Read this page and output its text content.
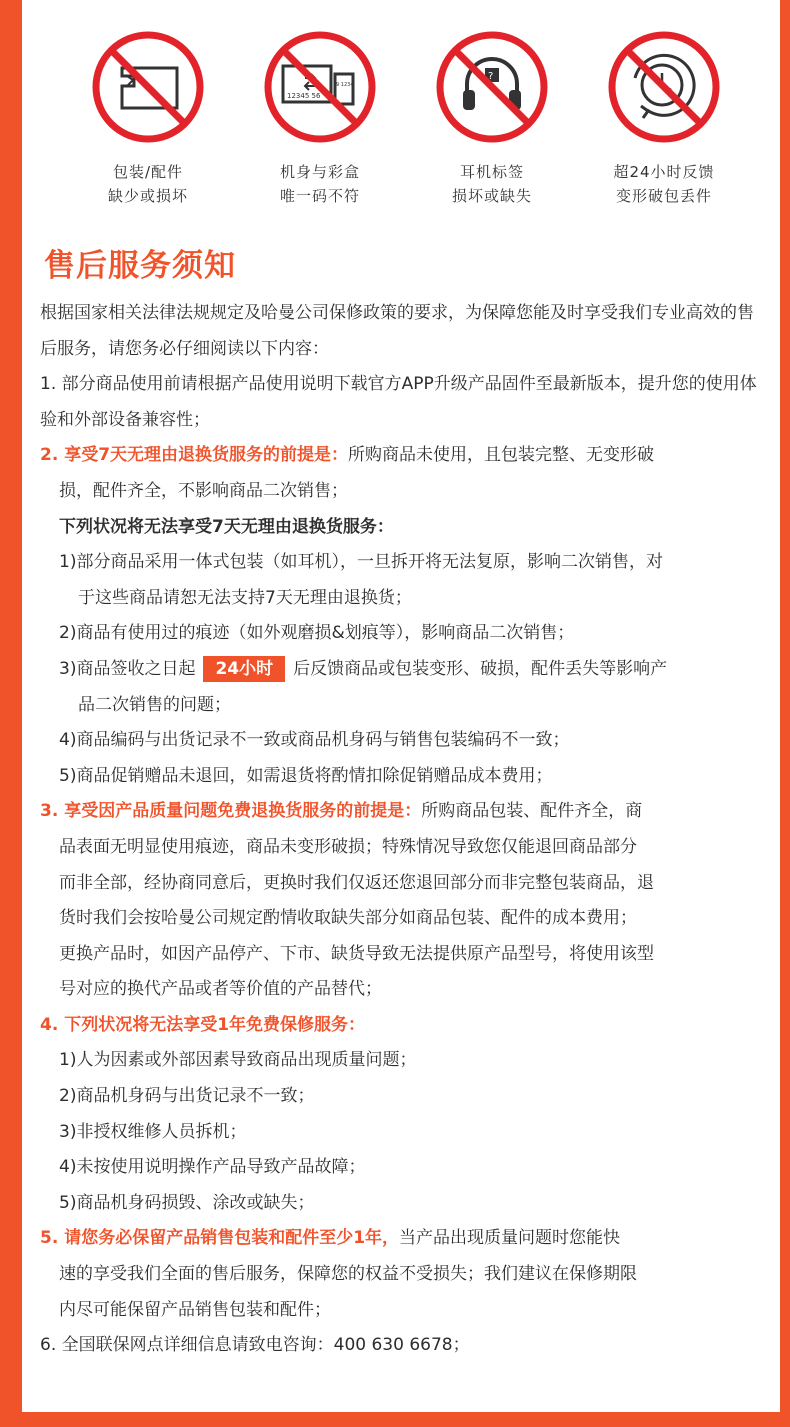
包装/配件
缺少或损坏
12345 56
9 1234
机身与彩盒
唯一码不符
?
耳机标签
损坏或缺失
超24小时反馈
变形破包丢件
售后服务须知

根据国家相关法律法规规定及哈曼公司保修政策的要求，为保障您能及时享受我们专业高效的售后服务，请您务必仔细阅读以下内容：

1. 部分商品使用前请根据产品使用说明下载官方APP升级产品固件至最新版本，提升您的使用体验和外部设备兼容性；

2. 享受7天无理由退换货服务的前提是：所购商品未使用，且包装完整、无变形破

损，配件齐全，不影响商品二次销售；

下列状况将无法享受7天无理由退换货服务：

1)部分商品采用一体式包装（如耳机），一旦拆开将无法复原，影响二次销售，对

于这些商品请恕无法支持7天无理由退换货；

2)商品有使用过的痕迹（如外观磨损&划痕等），影响商品二次销售；

3)商品签收之日起 24小时 后反馈商品或包装变形、破损，配件丢失等影响产

品二次销售的问题；

4)商品编码与出货记录不一致或商品机身码与销售包装编码不一致；

5)商品促销赠品未退回，如需退货将酌情扣除促销赠品成本费用；

3. 享受因产品质量问题免费退换货服务的前提是：所购商品包装、配件齐全，商

品表面无明显使用痕迹，商品未变形破损；特殊情况导致您仅能退回商品部分

而非全部，经协商同意后，更换时我们仅返还您退回部分而非完整包装商品，退

货时我们会按哈曼公司规定酌情收取缺失部分如商品包装、配件的成本费用；

更换产品时，如因产品停产、下市、缺货导致无法提供原产品型号，将使用该型

号对应的换代产品或者等价值的产品替代；

4. 下列状况将无法享受1年免费保修服务：

1)人为因素或外部因素导致商品出现质量问题；

2)商品机身码与出货记录不一致；

3)非授权维修人员拆机；

4)未按使用说明操作产品导致产品故障；

5)商品机身码损毁、涂改或缺失；

5. 请您务必保留产品销售包装和配件至少1年，当产品出现质量问题时您能快

速的享受我们全面的售后服务，保障您的权益不受损失；我们建议在保修期限

内尽可能保留产品销售包装和配件；

6. 全国联保网点详细信息请致电咨询：400 630 6678；
